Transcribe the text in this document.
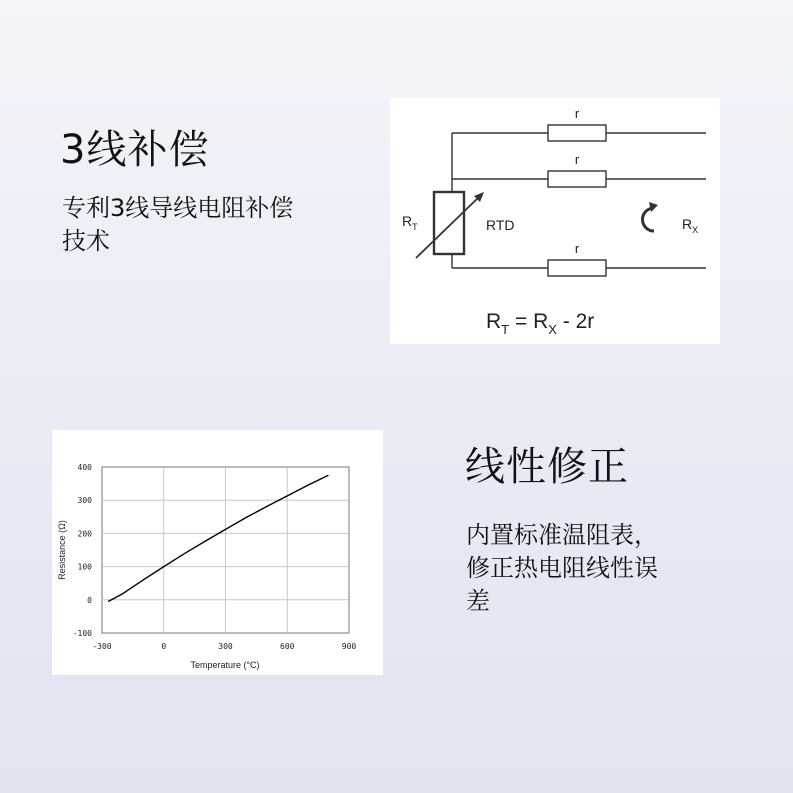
3线补偿

专利3线导线电阻补偿技术

r
r
r
$R_T$	RTD	$R_X$
$R_T = R_X - 2r$
线性修正

内置标准温阻表，修正热电阻线性误差

-300	0	300	600	900
-100
0
100
200
300
400
Temperature (°C)
Resistance (Ω)
